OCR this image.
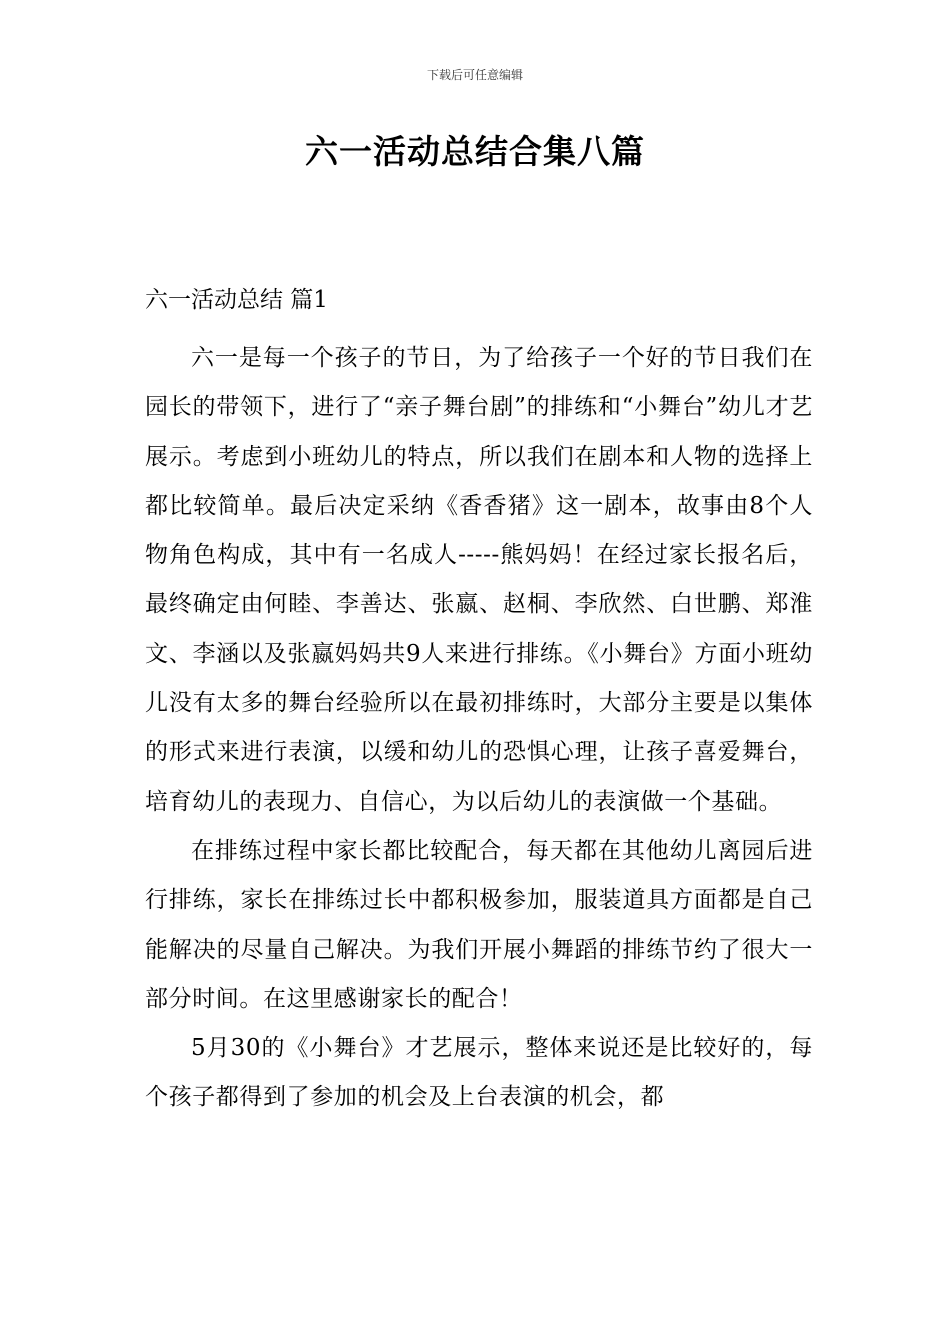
下载后可任意编辑
六一活动总结合集八篇
六一活动总结 篇1

六一是每一个孩子的节日，为了给孩子一个好的节日我们在园长的带领下，进行了“亲子舞台剧”的排练和“小舞台”幼儿才艺展示。考虑到小班幼儿的特点，所以我们在剧本和人物的选择上都比较简单。最后决定采纳《香香猪》这一剧本，故事由8个人物角色构成，其中有一名成人-----熊妈妈！在经过家长报名后，最终确定由何睦、李善达、张嬴、赵桐、李欣然、白世鹏、郑淮文、李涵以及张嬴妈妈共9人来进行排练。《小舞台》方面小班幼儿没有太多的舞台经验所以在最初排练时，大部分主要是以集体的形式来进行表演，以缓和幼儿的恐惧心理，让孩子喜爱舞台，培育幼儿的表现力、自信心，为以后幼儿的表演做一个基础。

在排练过程中家长都比较配合，每天都在其他幼儿离园后进行排练，家长在排练过长中都积极参加，服装道具方面都是自己能解决的尽量自己解决。为我们开展小舞蹈的排练节约了很大一部分时间。在这里感谢家长的配合！

5月30的《小舞台》才艺展示，整体来说还是比较好的，每个孩子都得到了参加的机会及上台表演的机会，都
